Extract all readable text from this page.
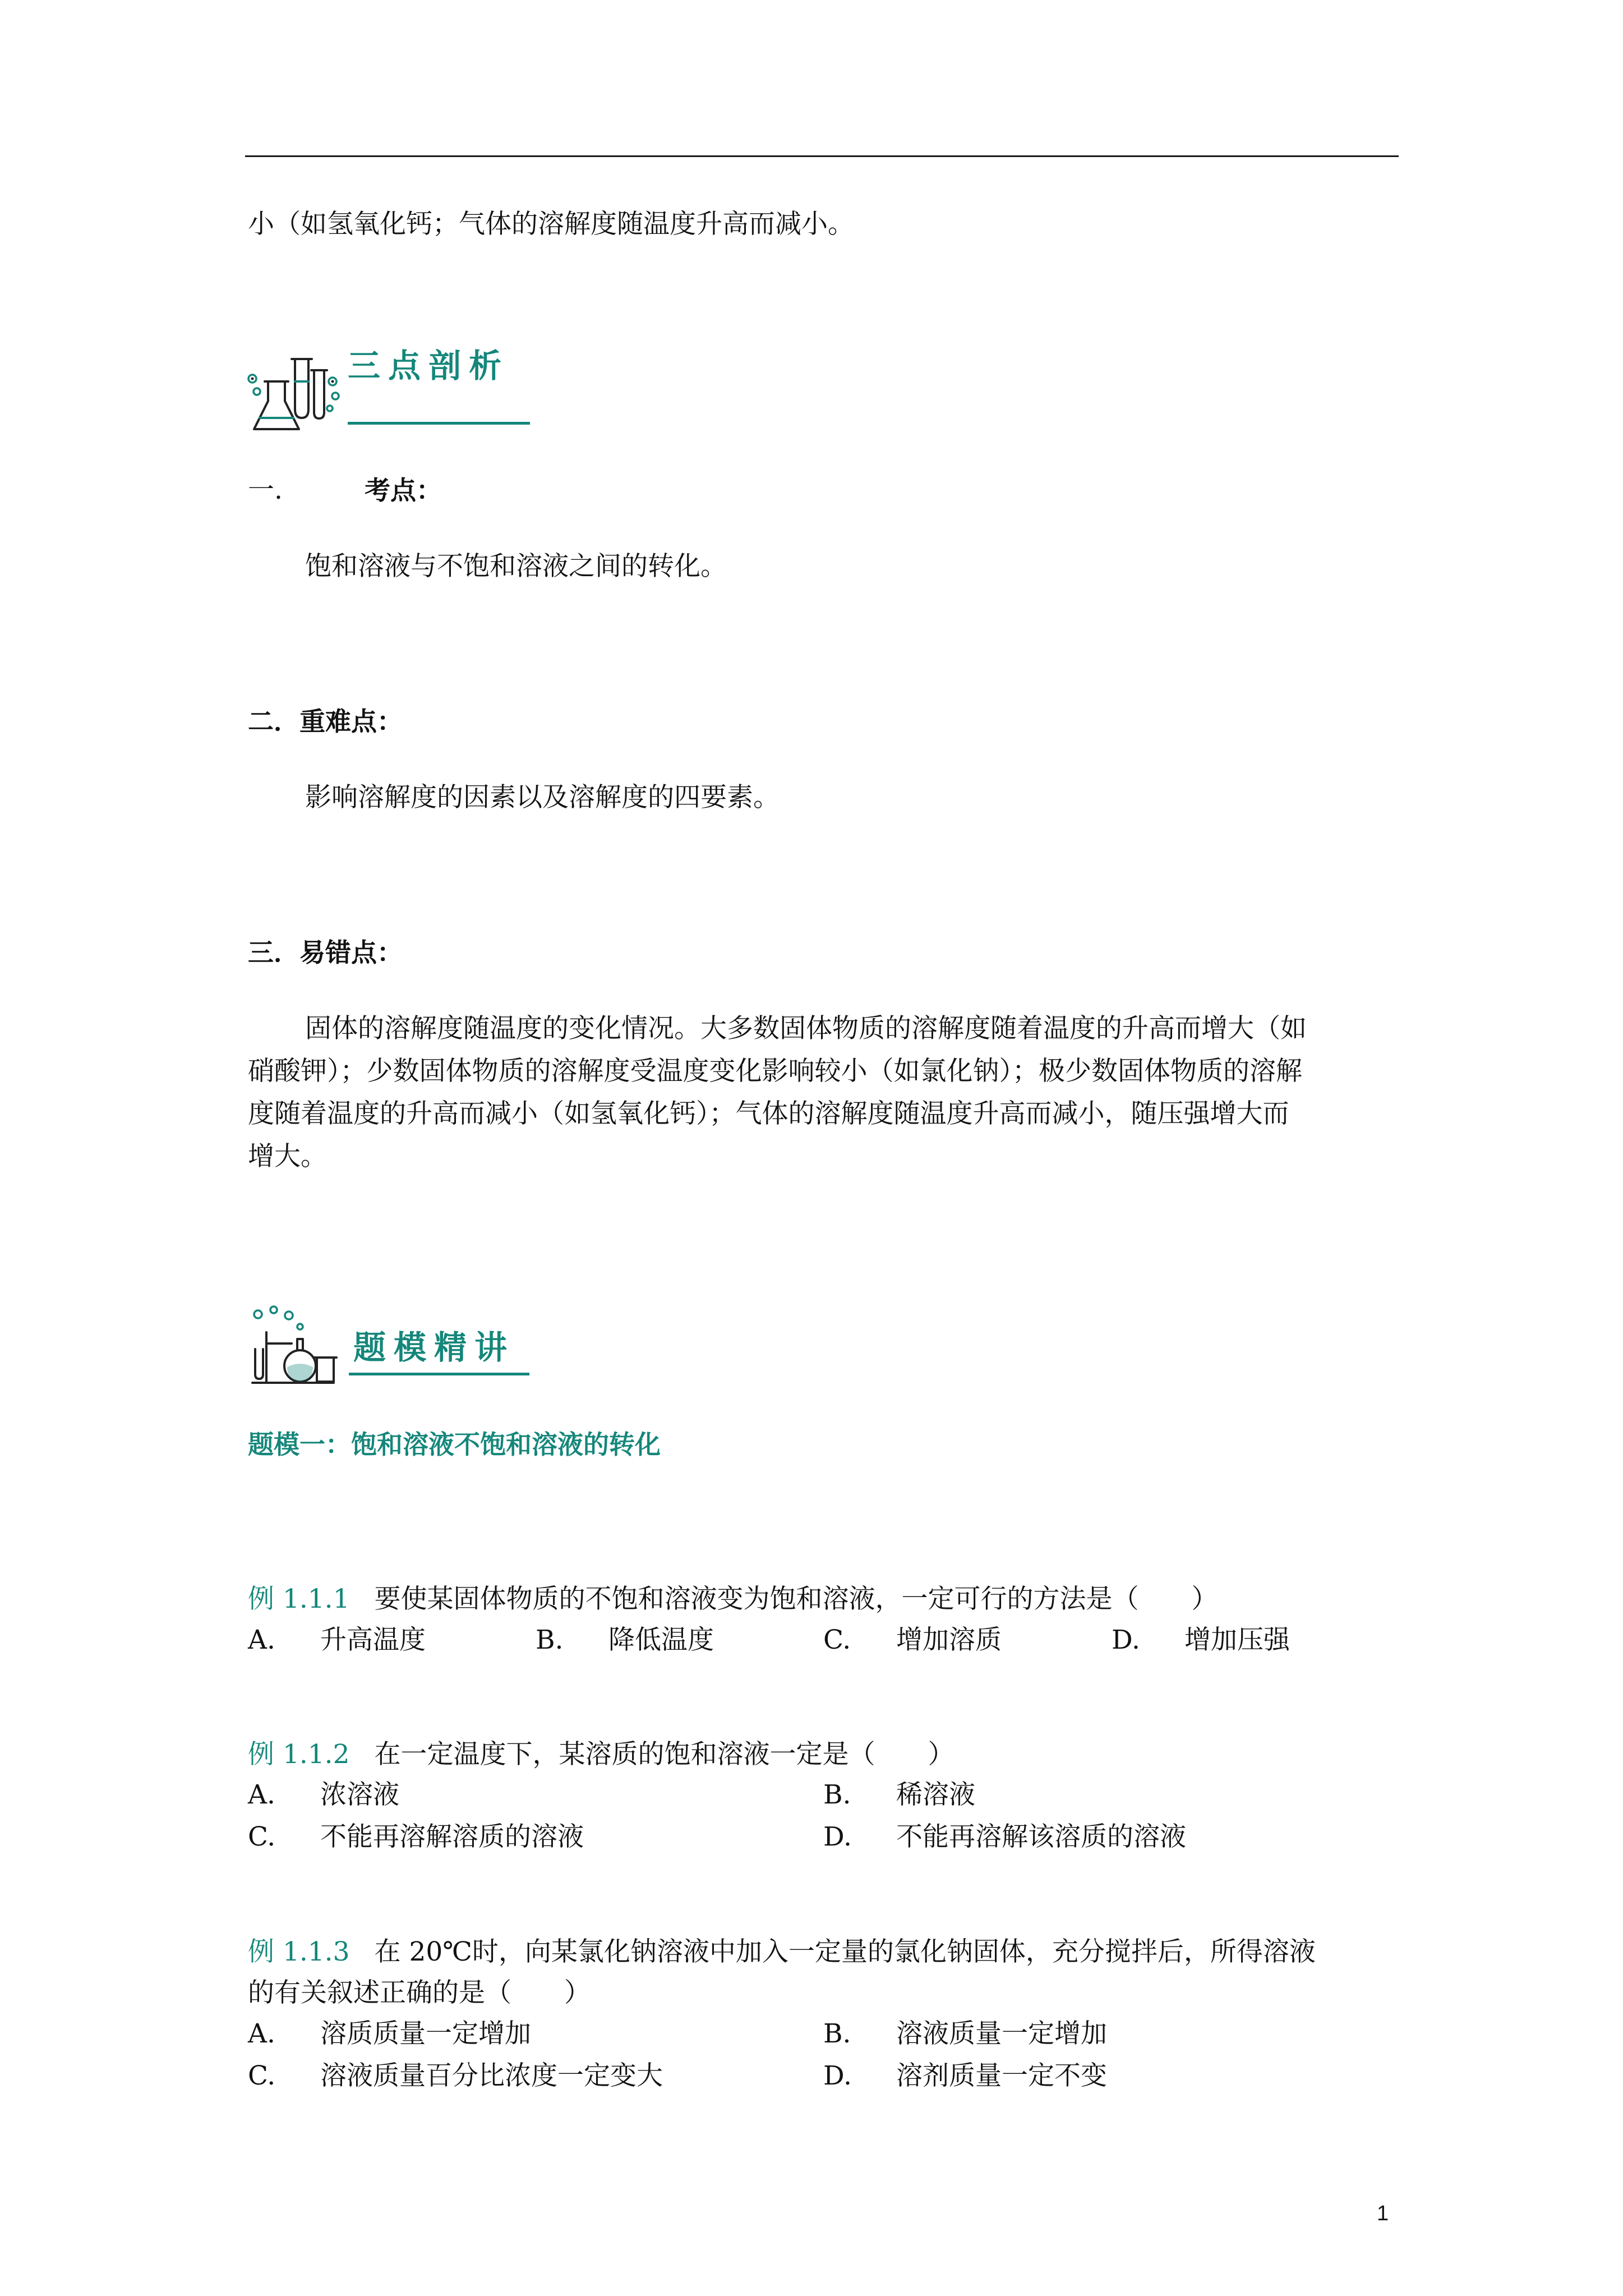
小（如氢氧化钙；气体的溶解度随温度升高而减小。
三点剖析
一.	考点：
饱和溶液与不饱和溶液之间的转化。
二．重难点：
影响溶解度的因素以及溶解度的四要素。
三．易错点：
固体的溶解度随温度的变化情况。大多数固体物质的溶解度随着温度的升高而增大（如
硝酸钾）；少数固体物质的溶解度受温度变化影响较小（如氯化钠）；极少数固体物质的溶解
度随着温度的升高而减小（如氢氧化钙）；气体的溶解度随温度升高而减小，随压强增大而
增大。
题模精讲
题模一：饱和溶液不饱和溶液的转化
例 1.1.1 要使某固体物质的不饱和溶液变为饱和溶液，一定可行的方法是（　　）
A. 升高温度	B. 降低温度	C. 增加溶质	D. 增加压强
例 1.1.2 在一定温度下，某溶质的饱和溶液一定是（　　）
A. 浓溶液	B. 稀溶液
C. 不能再溶解溶质的溶液	D. 不能再溶解该溶质的溶液
例 1.1.3 在 20℃时，向某氯化钠溶液中加入一定量的氯化钠固体，充分搅拌后，所得溶液
的有关叙述正确的是（　　）
A. 溶质质量一定增加	B. 溶液质量一定增加
C. 溶液质量百分比浓度一定变大	D. 溶剂质量一定不变
1
